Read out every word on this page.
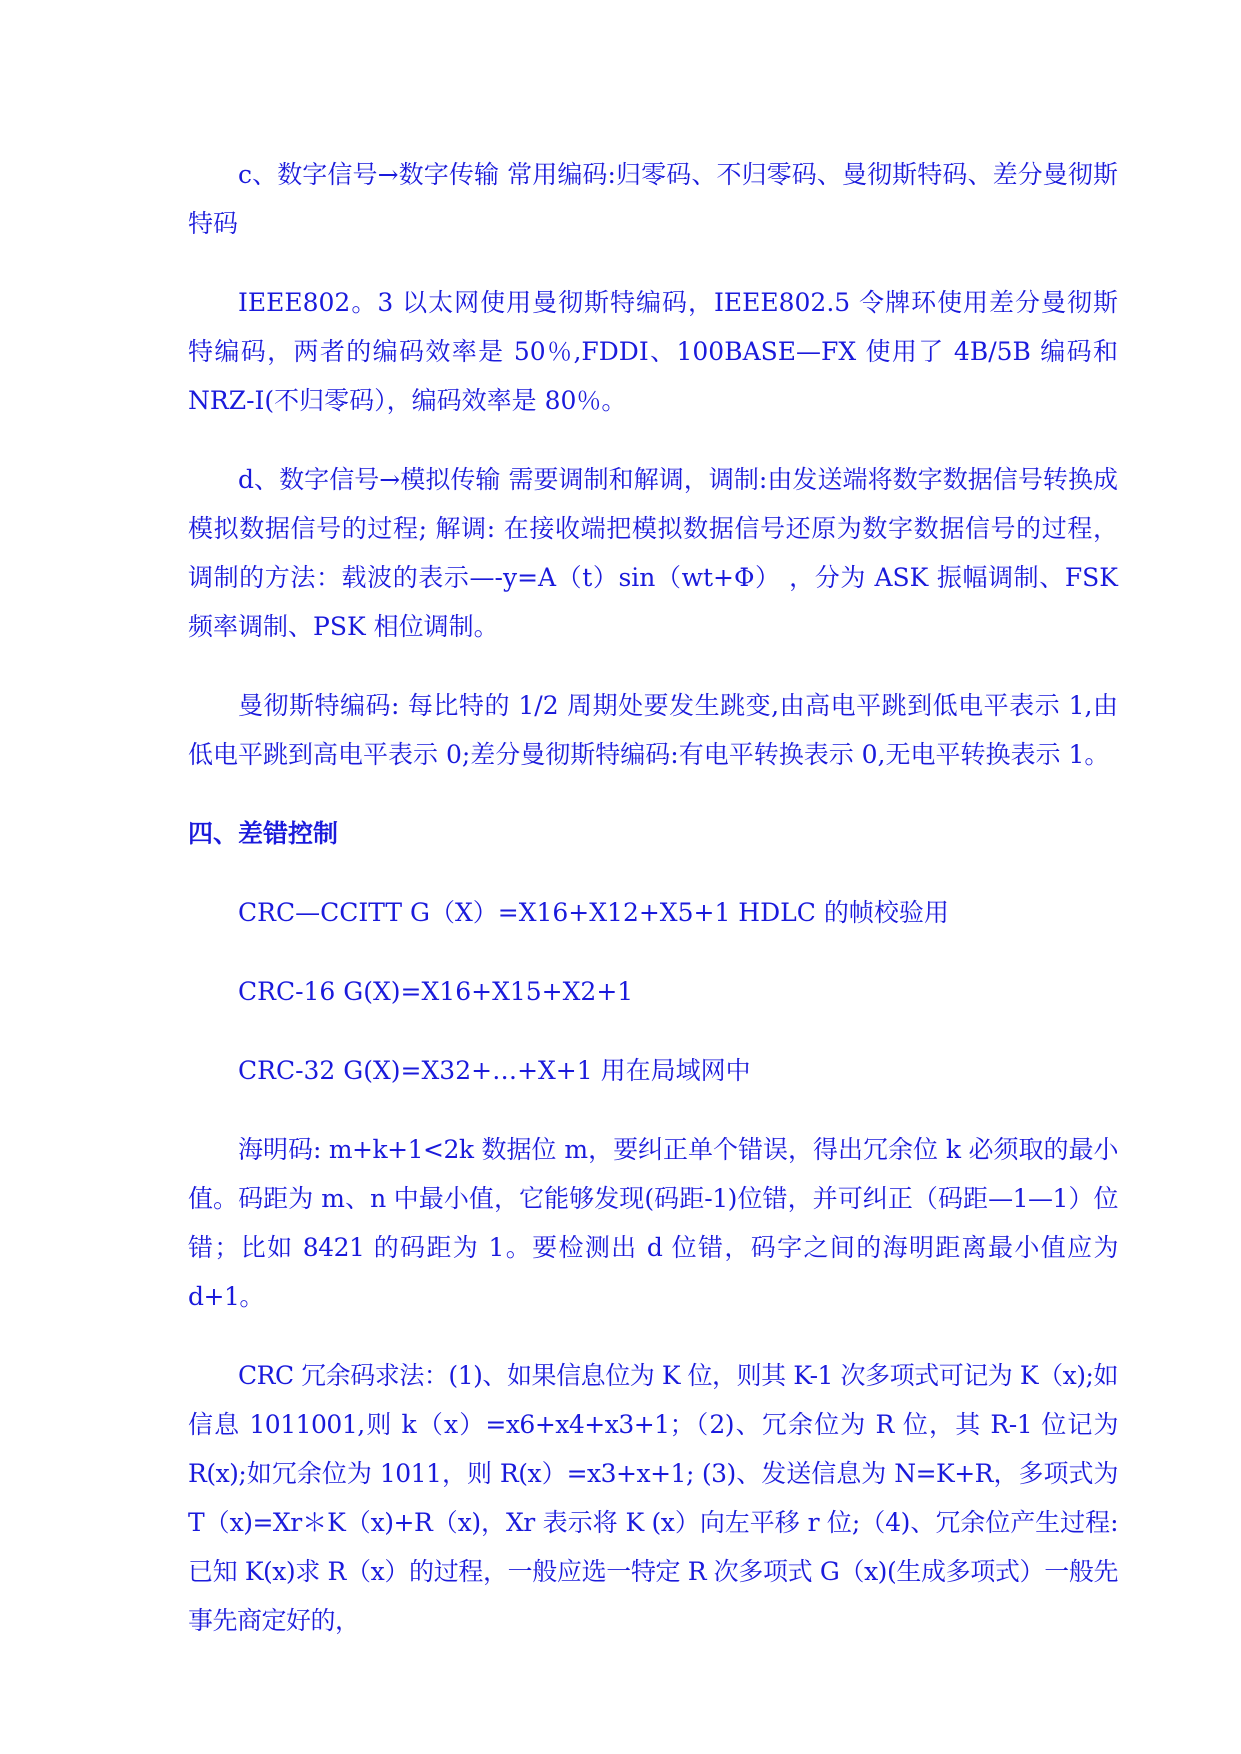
c、数字信号→数字传输 常用编码:归零码、不归零码、曼彻斯特码、差分曼彻斯特码

IEEE802。3 以太网使用曼彻斯特编码，IEEE802.5 令牌环使用差分曼彻斯特编码，两者的编码效率是 50％,FDDI、100BASE—FX 使用了 4B/5B 编码和 NRZ-I(不归零码），编码效率是 80％。

d、数字信号→模拟传输 需要调制和解调，调制:由发送端将数字数据信号转换成模拟数据信号的过程; 解调: 在接收端把模拟数据信号还原为数字数据信号的过程，调制的方法：载波的表示—-y=A（t）sin（wt+Φ） ，分为 ASK 振幅调制、FSK 频率调制、PSK 相位调制。

曼彻斯特编码: 每比特的 1/2 周期处要发生跳变,由高电平跳到低电平表示 1,由低电平跳到高电平表示 0;差分曼彻斯特编码:有电平转换表示 0,无电平转换表示 1。

四、差错控制

CRC—CCITT G（X）=X16+X12+X5+1 HDLC 的帧校验用

CRC-16 G(X)=X16+X15+X2+1

CRC-32 G(X)=X32+…+X+1 用在局域网中

海明码: m+k+1<2k 数据位 m，要纠正单个错误，得出冗余位 k 必须取的最小值。码距为 m、n 中最小值，它能够发现(码距-1)位错，并可纠正（码距—1—1）位错；比如 8421 的码距为 1。要检测出 d 位错，码字之间的海明距离最小值应为 d+1。

CRC 冗余码求法：(1)、如果信息位为 K 位，则其 K-1 次多项式可记为 K（x);如信息 1011001,则 k（x）=x6+x4+x3+1；（2)、冗余位为 R 位，其 R-1 位记为 R(x);如冗余位为 1011，则 R(x）=x3+x+1; (3)、发送信息为 N=K+R，多项式为 T（x)=Xr＊K（x)+R（x)，Xr 表示将 K (x）向左平移 r 位;（4)、冗余位产生过程:已知 K(x)求 R（x）的过程，一般应选一特定 R 次多项式 G（x)(生成多项式）一般先事先商定好的，
